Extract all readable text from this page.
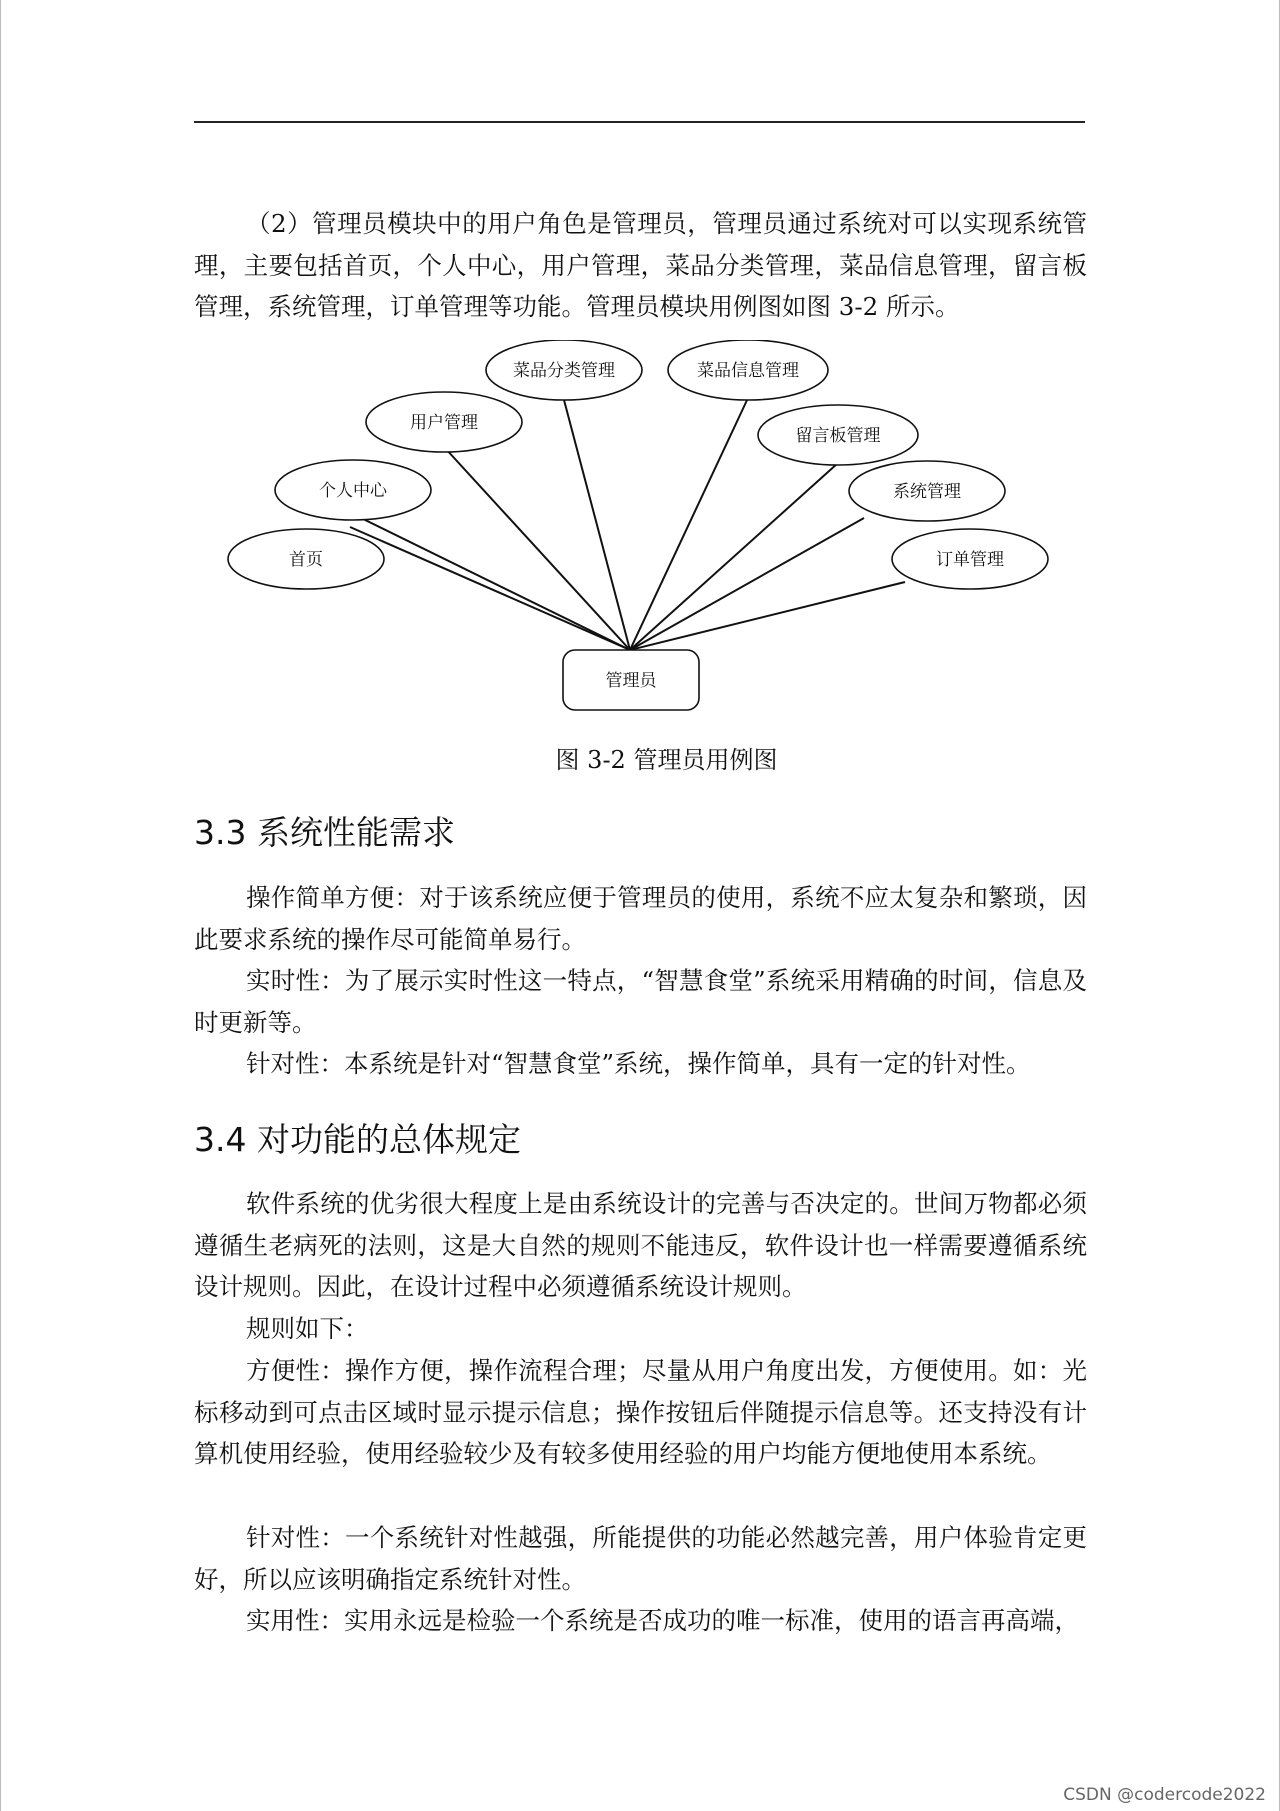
（2）管理员模块中的用户角色是管理员，管理员通过系统对可以实现系统管理，主要包括首页，个人中心，用户管理，菜品分类管理，菜品信息管理，留言板管理，系统管理，订单管理等功能。管理员模块用例图如图 3-2 所示。

首页
个人中心
用户管理
菜品分类管理	菜品信息管理
留言板管理
系统管理
订单管理
管理员
图 3-2 管理员用例图
3.3 系统性能需求

操作简单方便：对于该系统应便于管理员的使用，系统不应太复杂和繁琐，因此要求系统的操作尽可能简单易行。

实时性：为了展示实时性这一特点，“智慧食堂”系统采用精确的时间，信息及时更新等。

针对性：本系统是针对“智慧食堂”系统，操作简单，具有一定的针对性。

3.4 对功能的总体规定

软件系统的优劣很大程度上是由系统设计的完善与否决定的。世间万物都必须遵循生老病死的法则，这是大自然的规则不能违反，软件设计也一样需要遵循系统设计规则。因此，在设计过程中必须遵循系统设计规则。

规则如下：

方便性：操作方便，操作流程合理；尽量从用户角度出发，方便使用。如：光标移动到可点击区域时显示提示信息；操作按钮后伴随提示信息等。还支持没有计算机使用经验，使用经验较少及有较多使用经验的用户均能方便地使用本系统。

针对性：一个系统针对性越强，所能提供的功能必然越完善，用户体验肯定更好，所以应该明确指定系统针对性。

实用性：实用永远是检验一个系统是否成功的唯一标准，使用的语言再高端，

CSDN @codercode2022
